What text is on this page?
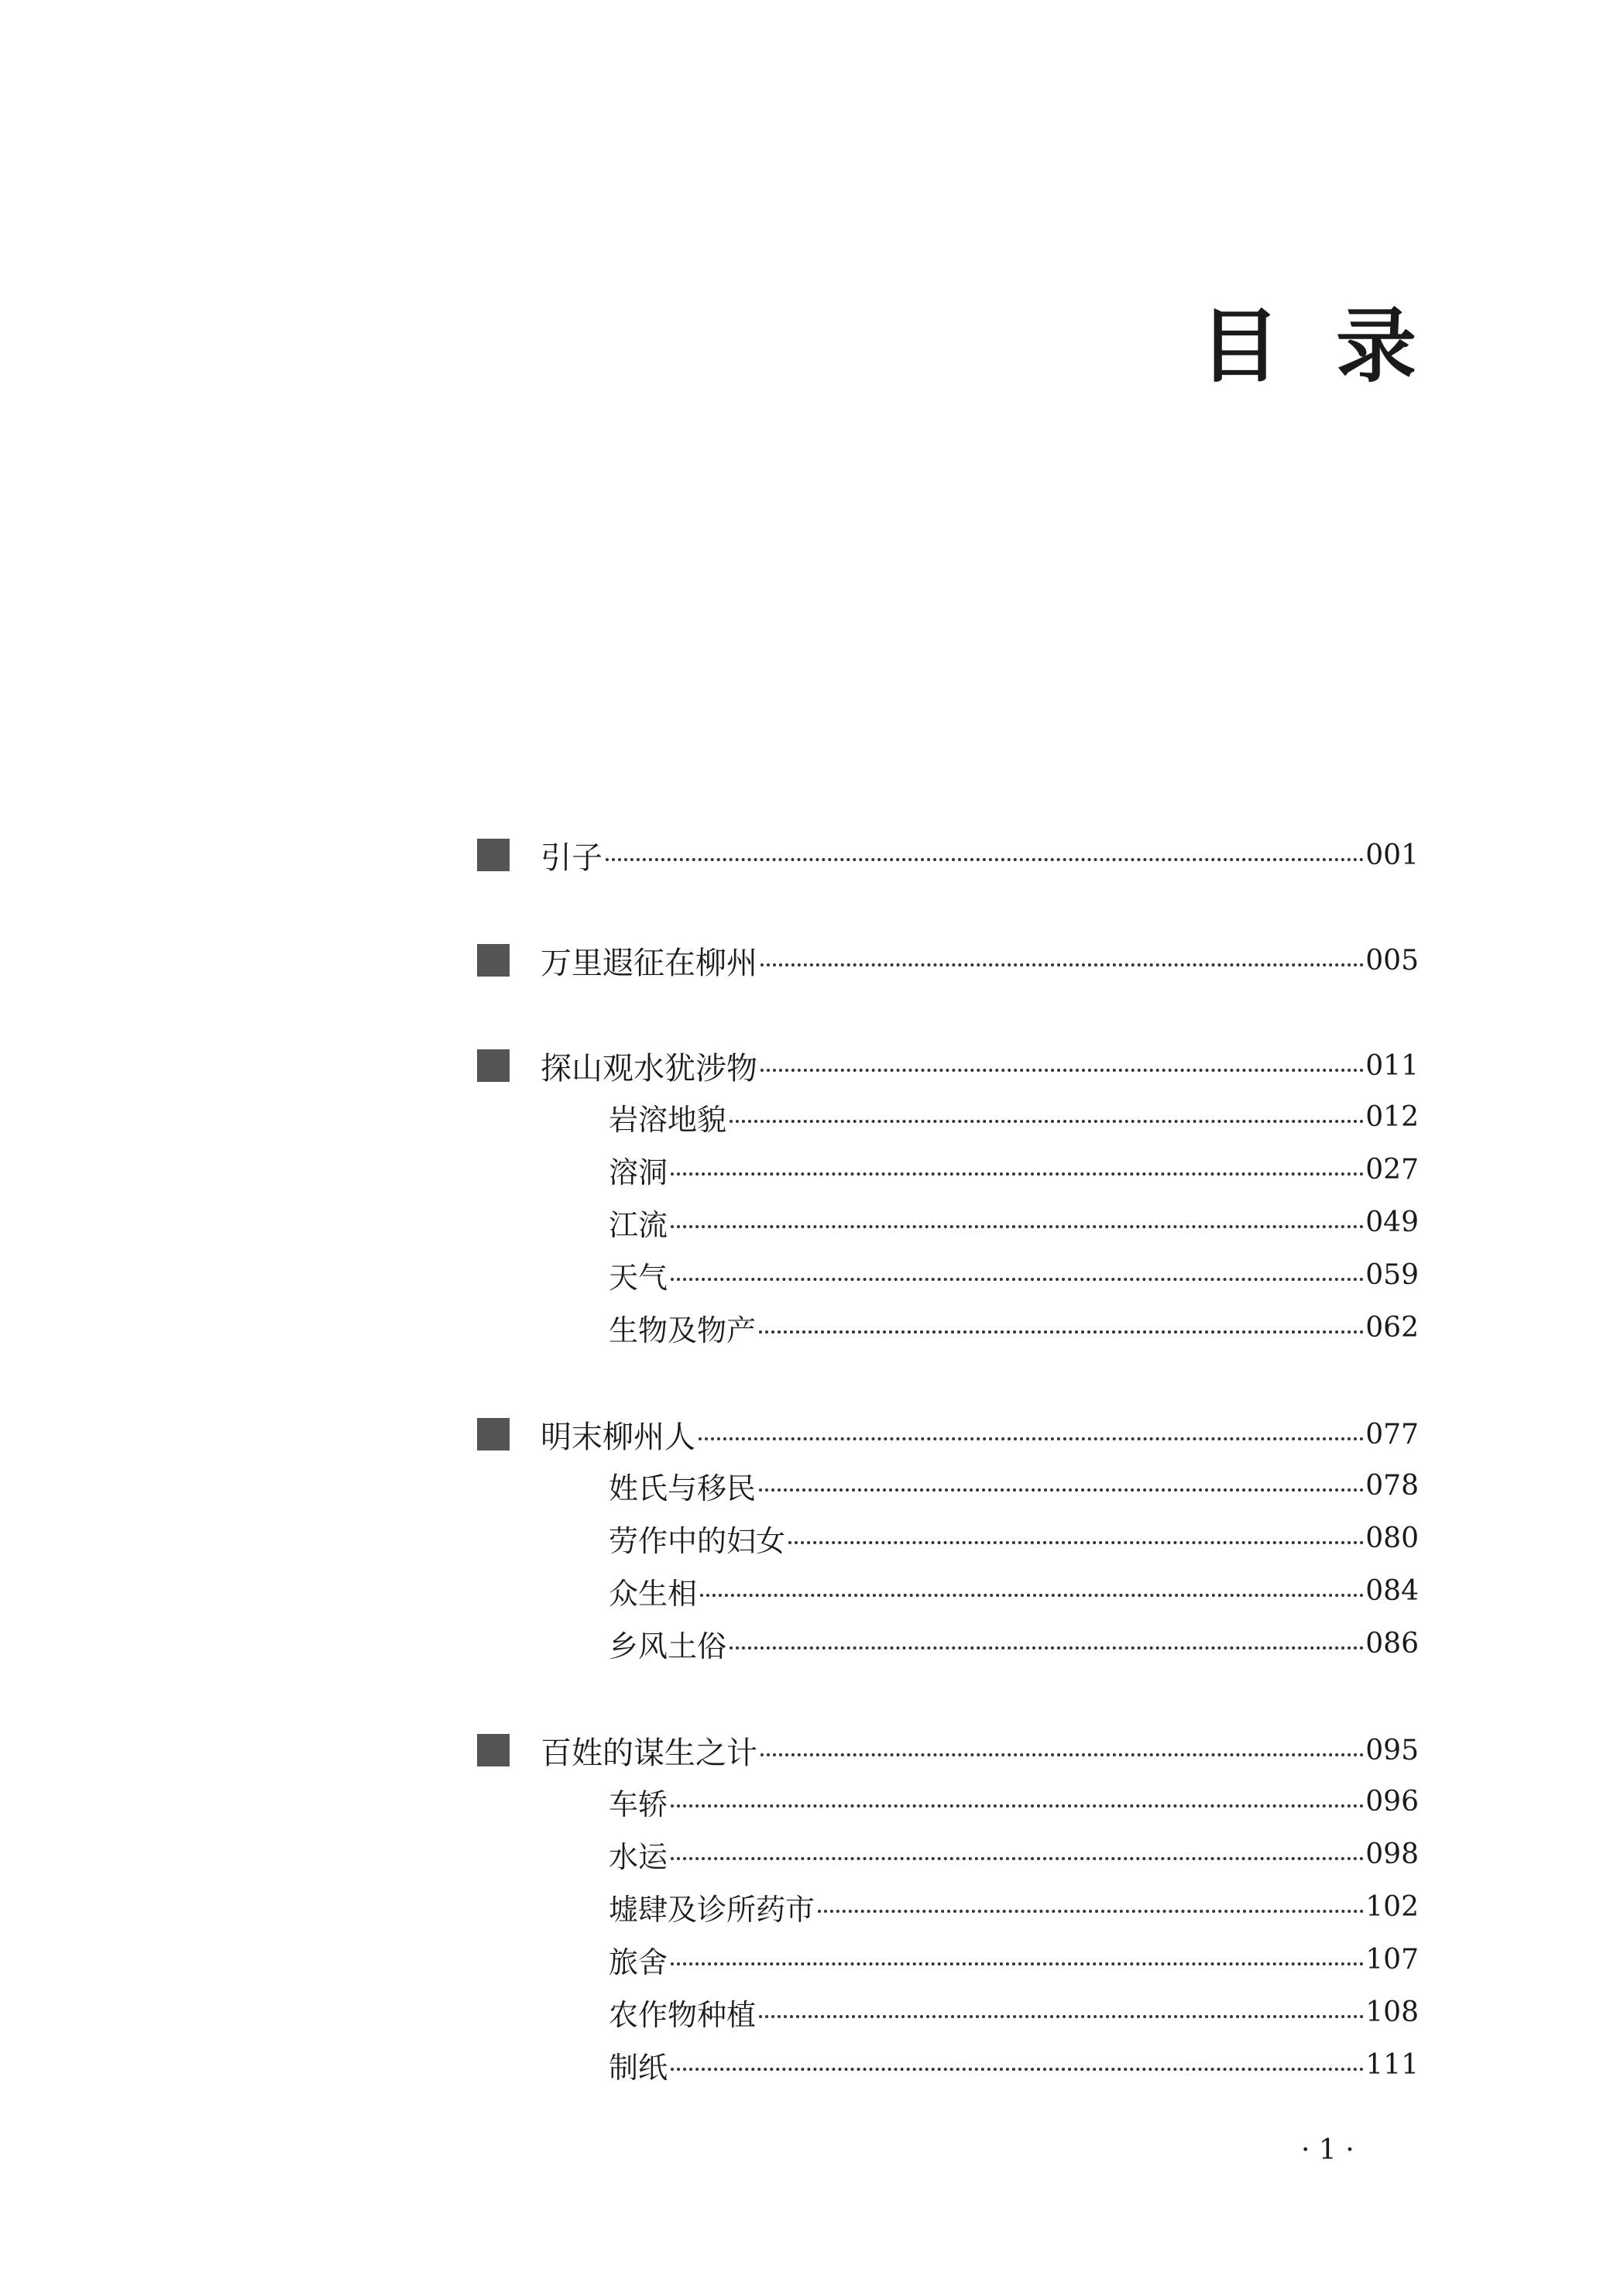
目 录
引子	001
万里遐征在柳州	005
探山观水犹涉物	011
岩溶地貌	012
溶洞	027
江流	049
天气	059
生物及物产	062
明末柳州人	077
姓氏与移民	078
劳作中的妇女	080
众生相	084
乡风土俗	086
百姓的谋生之计	095
车轿	096
水运	098
墟肆及诊所药市	102
旅舍	107
农作物种植	108
制纸	111
· 1 ·
